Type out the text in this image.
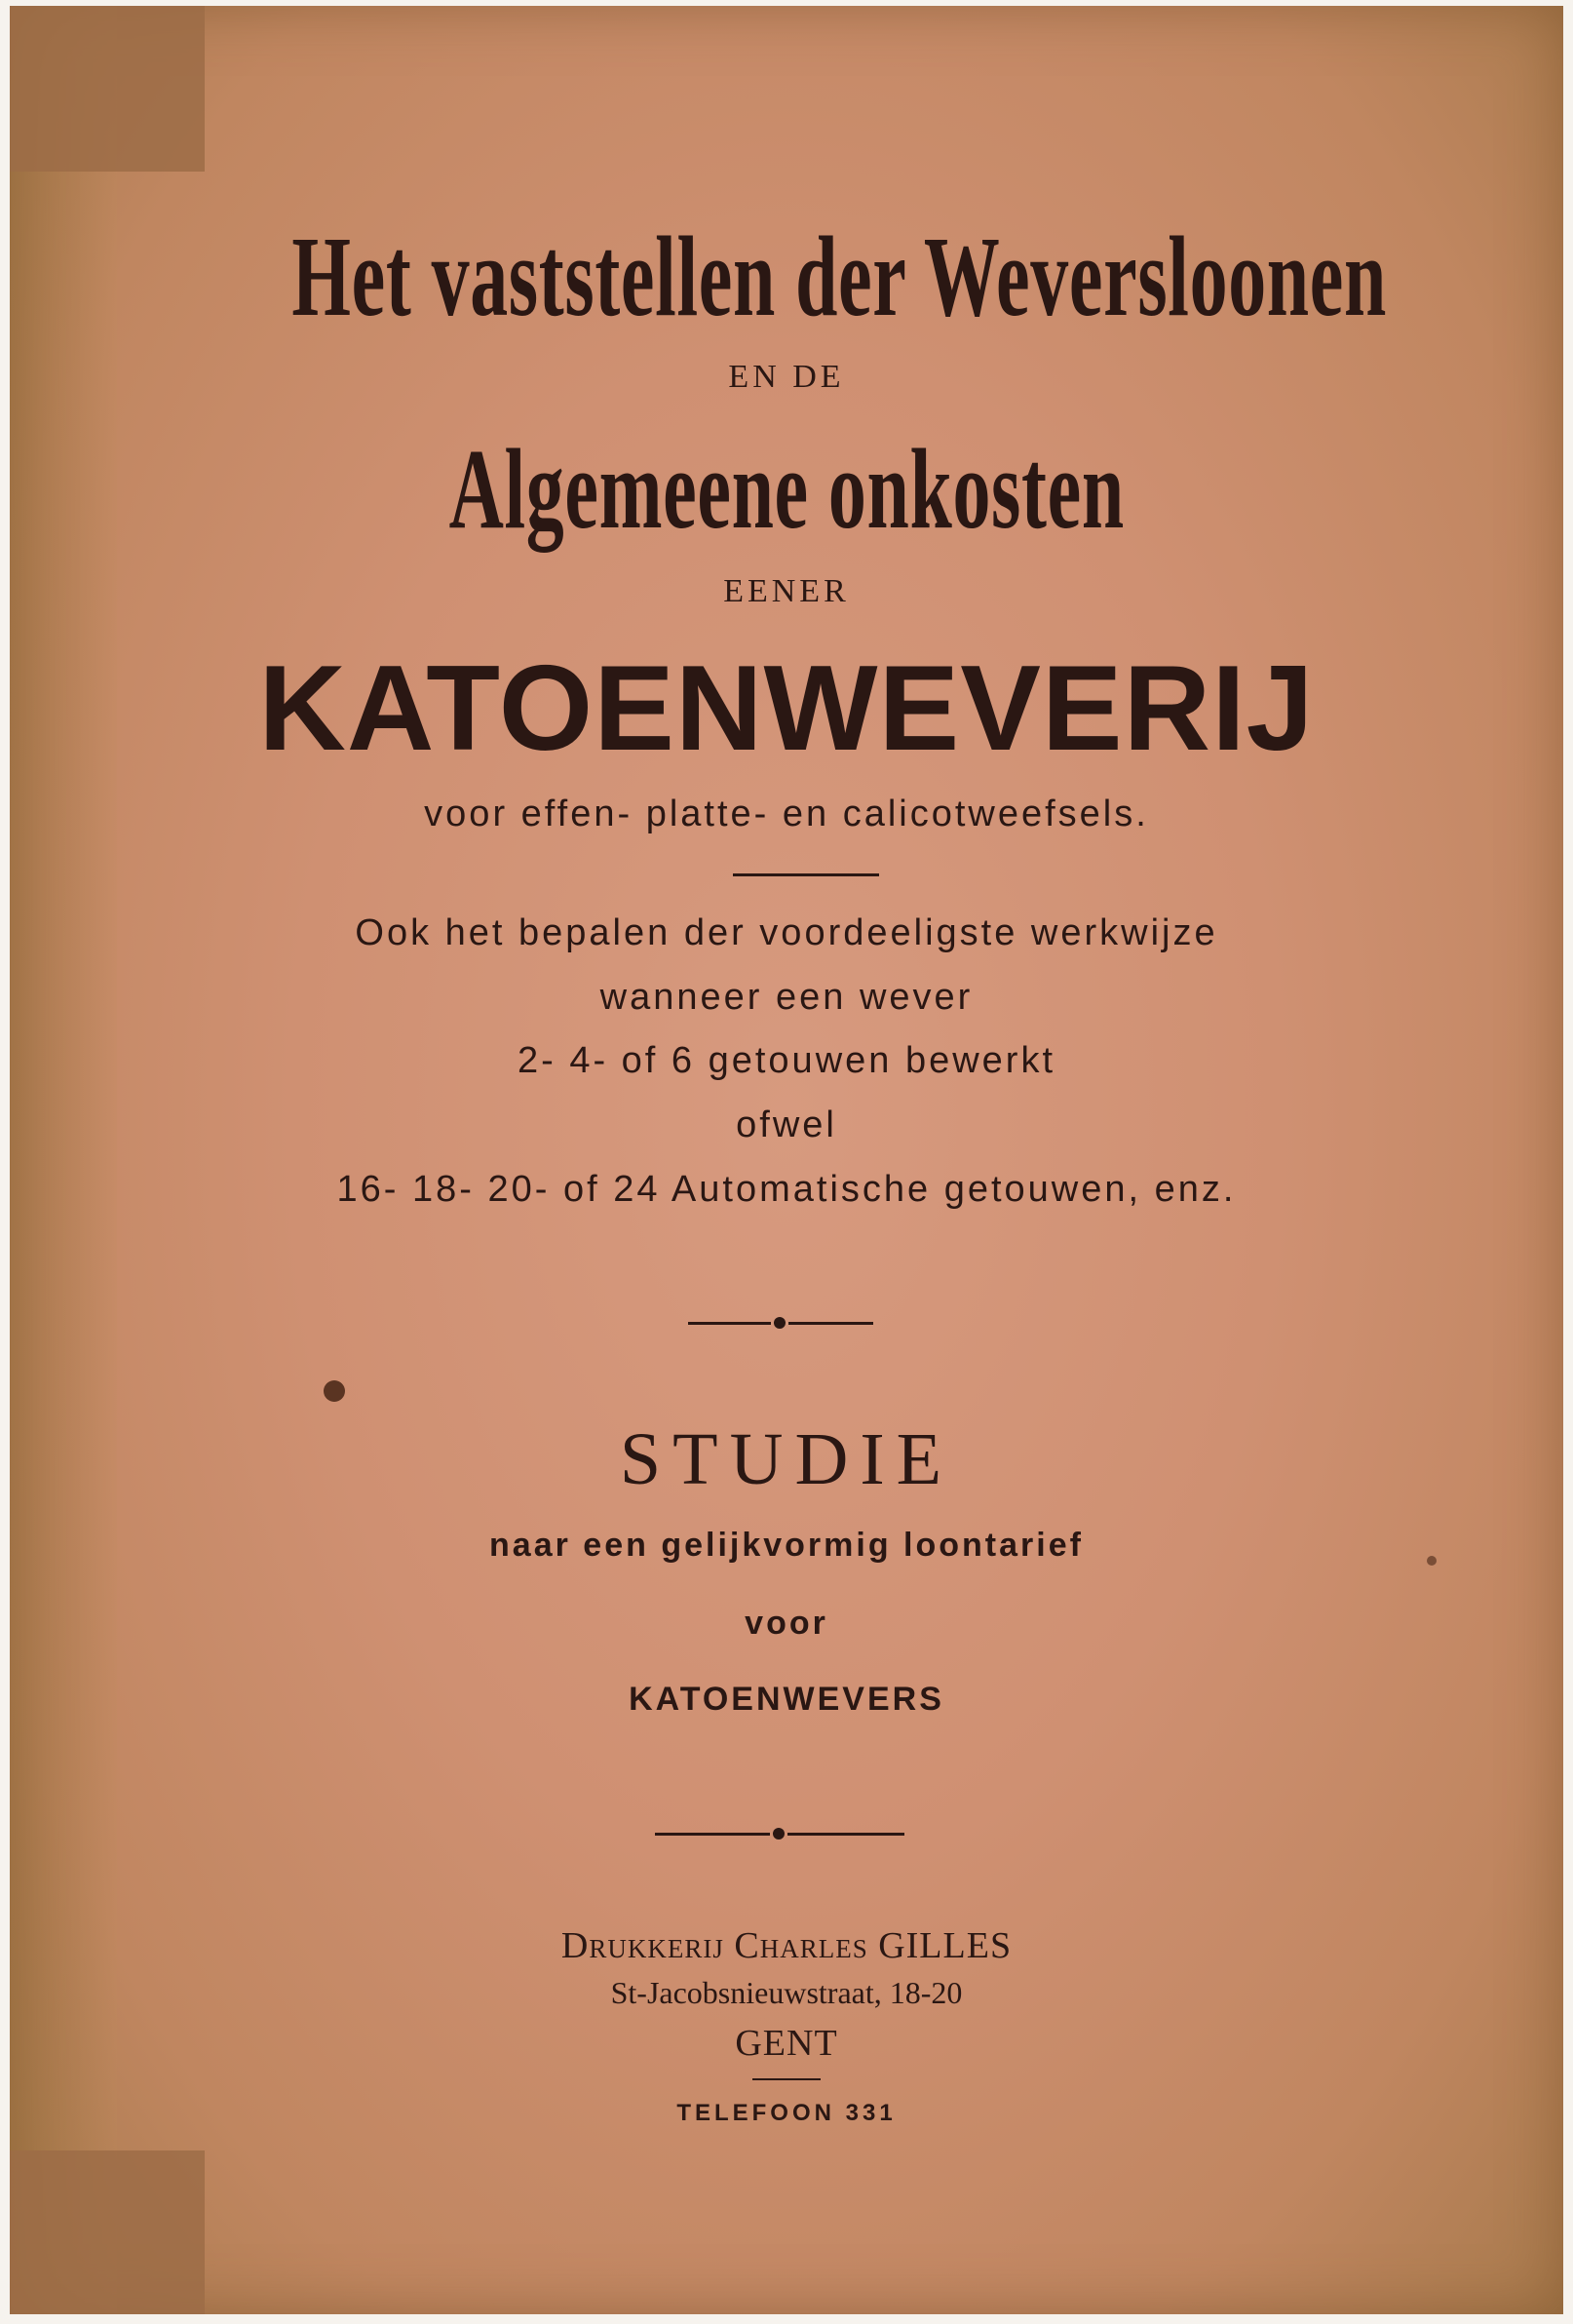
Het vaststellen der Weversloonen
EN DE
Algemeene onkosten
EENER
KATOENWEVERIJ
voor effen- platte- en calicotweefsels.
Ook het bepalen der voordeeligste werkwijze
wanneer een wever
2- 4- of 6 getouwen bewerkt
ofwel
16- 18- 20- of 24 Automatische getouwen, enz.
STUDIE
naar een gelijkvormig loontarief
voor
KATOENWEVERS
Drukkerij Charles GILLES
St-Jacobsnieuwstraat, 18-20
GENT
TELEFOON 331
